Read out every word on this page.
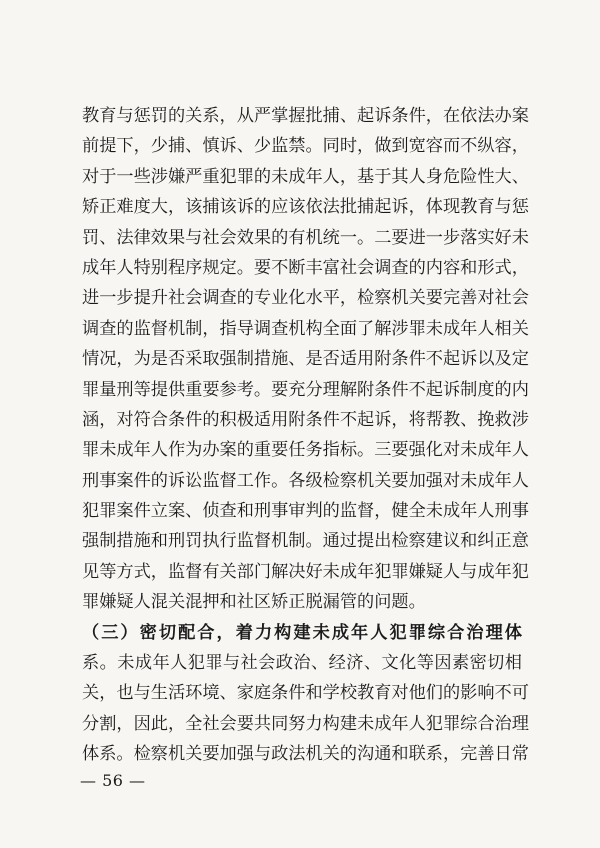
教育与惩罚的关系，从严掌握批捕、起诉条件，在依法办案
前提下，少捕、慎诉、少监禁。同时，做到宽容而不纵容，
对于一些涉嫌严重犯罪的未成年人，基于其人身危险性大、
矫正难度大，该捕该诉的应该依法批捕起诉，体现教育与惩
罚、法律效果与社会效果的有机统一。二要进一步落实好未
成年人特别程序规定。要不断丰富社会调查的内容和形式，
进一步提升社会调查的专业化水平，检察机关要完善对社会
调查的监督机制，指导调查机构全面了解涉罪未成年人相关
情况，为是否采取强制措施、是否适用附条件不起诉以及定
罪量刑等提供重要参考。要充分理解附条件不起诉制度的内
涵，对符合条件的积极适用附条件不起诉，将帮教、挽救涉
罪未成年人作为办案的重要任务指标。三要强化对未成年人
刑事案件的诉讼监督工作。各级检察机关要加强对未成年人
犯罪案件立案、侦查和刑事审判的监督，健全未成年人刑事
强制措施和刑罚执行监督机制。通过提出检察建议和纠正意
见等方式，监督有关部门解决好未成年犯罪嫌疑人与成年犯
罪嫌疑人混关混押和社区矫正脱漏管的问题。
（三）密切配合，着力构建未成年人犯罪综合治理体
系。未成年人犯罪与社会政治、经济、文化等因素密切相
关，也与生活环境、家庭条件和学校教育对他们的影响不可
分割，因此，全社会要共同努力构建未成年人犯罪综合治理
体系。检察机关要加强与政法机关的沟通和联系，完善日常
— 56 —
